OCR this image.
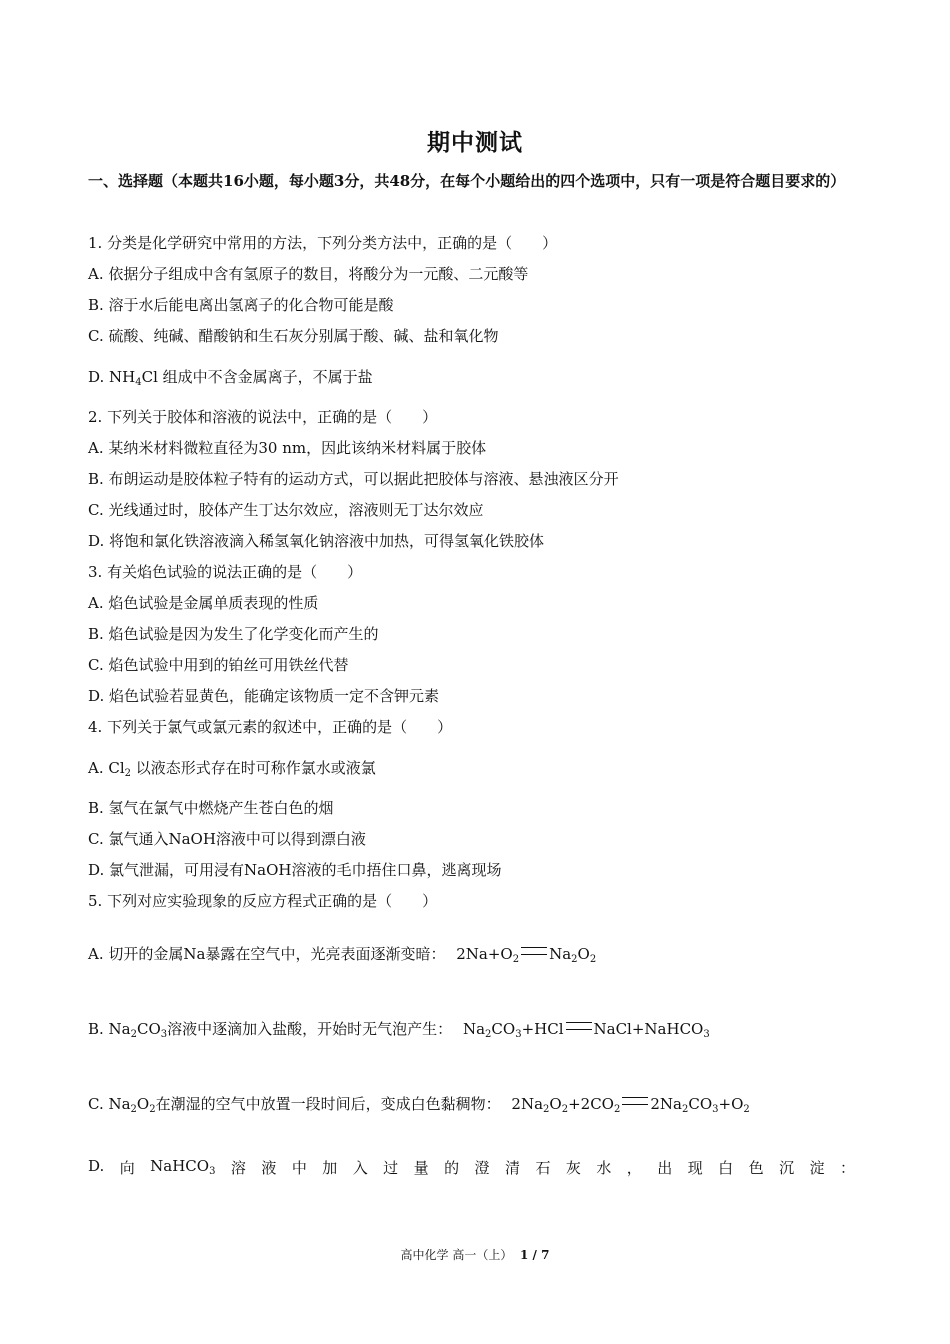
期中测试
一、选择题（本题共16小题，每小题3分，共48分，在每个小题给出的四个选项中，只有一项是符合题目要求的）
1. 分类是化学研究中常用的方法，下列分类方法中，正确的是（　　）
A. 依据分子组成中含有氢原子的数目，将酸分为一元酸、二元酸等
B. 溶于水后能电离出氢离子的化合物可能是酸
C. 硫酸、纯碱、醋酸钠和生石灰分别属于酸、碱、盐和氧化物
D. $NH_4Cl$ 组成中不含金属离子，不属于盐
2. 下列关于胶体和溶液的说法中，正确的是（　　）
A. 某纳米材料微粒直径为30 nm，因此该纳米材料属于胶体
B. 布朗运动是胶体粒子特有的运动方式，可以据此把胶体与溶液、悬浊液区分开
C. 光线通过时，胶体产生丁达尔效应，溶液则无丁达尔效应
D. 将饱和氯化铁溶液滴入稀氢氧化钠溶液中加热，可得氢氧化铁胶体
3. 有关焰色试验的说法正确的是（　　）
A. 焰色试验是金属单质表现的性质
B. 焰色试验是因为发生了化学变化而产生的
C. 焰色试验中用到的铂丝可用铁丝代替
D. 焰色试验若显黄色，能确定该物质一定不含钾元素
4. 下列关于氯气或氯元素的叙述中，正确的是（　　）
A. $Cl_2$ 以液态形式存在时可称作氯水或液氯
B. 氢气在氯气中燃烧产生苍白色的烟
C. 氯气通入NaOH溶液中可以得到漂白液
D. 氯气泄漏，可用浸有NaOH溶液的毛巾捂住口鼻，逃离现场
5. 下列对应实验现象的反应方程式正确的是（　　）
A. 切开的金属Na暴露在空气中，光亮表面逐渐变暗： $2Na+O_2$ $Na_2O_2$
B. $Na_2CO_3$溶液中逐滴加入盐酸，开始时无气泡产生： $Na_2CO_3+HCl$ NaCl+NaHCO$_3$
C. $Na_2O_2$在潮湿的空气中放置一段时间后，变成白色黏稠物： $2Na_2O_2+2CO_2$ $2Na_2CO_3+O_2$
D. 向 NaHCO$_3$ 溶 液 中 加 入 过 量 的 澄 清 石 灰 水 ， 出 现 白 色 沉 淀 ：
高中化学 高一（上） 1 / 7
